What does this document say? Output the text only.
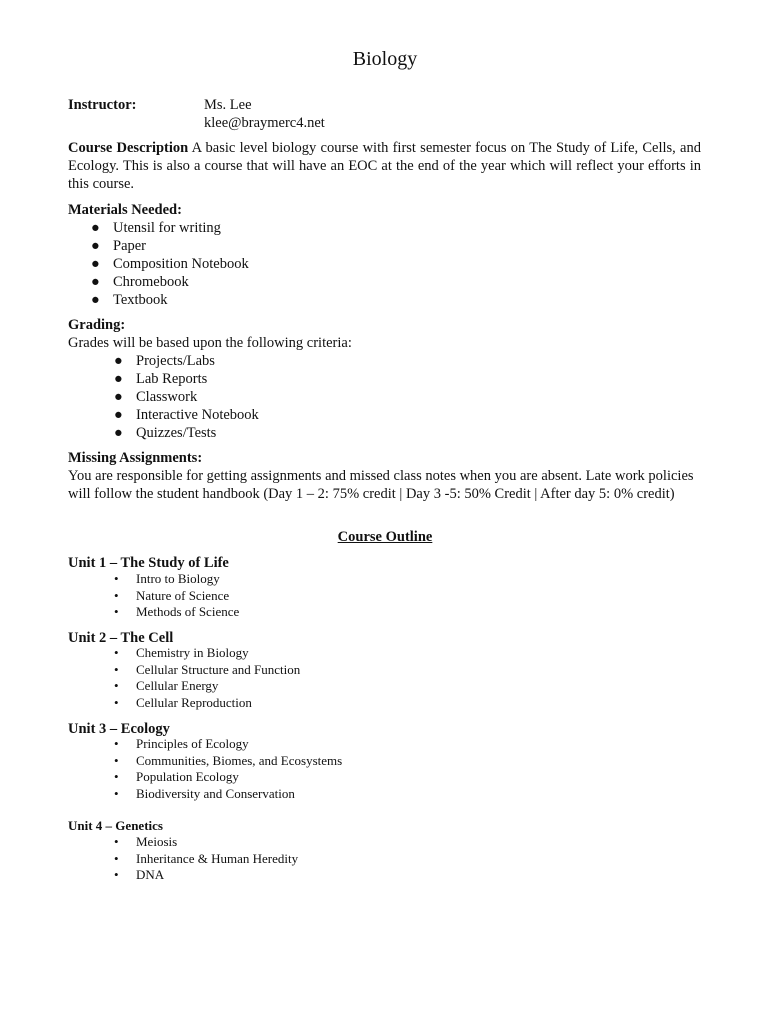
Biology
Instructor:	Ms. Lee
klee@braymerc4.net
Course Description A basic level biology course with first semester focus on The Study of Life, Cells, and Ecology. This is also a course that will have an EOC at the end of the year which will reflect your efforts in this course.
Materials Needed:
● Utensil for writing
● Paper
● Composition Notebook
● Chromebook
● Textbook
Grading:
Grades will be based upon the following criteria:
● Projects/Labs
● Lab Reports
● Classwork
● Interactive Notebook
● Quizzes/Tests
Missing Assignments:
You are responsible for getting assignments and missed class notes when you are absent. Late work policies will follow the student handbook (Day 1 – 2: 75% credit | Day 3 -5: 50% Credit | After day 5: 0% credit)
Course Outline
Unit 1 – The Study of Life
• Intro to Biology
• Nature of Science
• Methods of Science
Unit 2 – The Cell
• Chemistry in Biology
• Cellular Structure and Function
• Cellular Energy
• Cellular Reproduction
Unit 3 – Ecology
• Principles of Ecology
• Communities, Biomes, and Ecosystems
• Population Ecology
• Biodiversity and Conservation
Unit 4 – Genetics
• Meiosis
• Inheritance & Human Heredity
• DNA
